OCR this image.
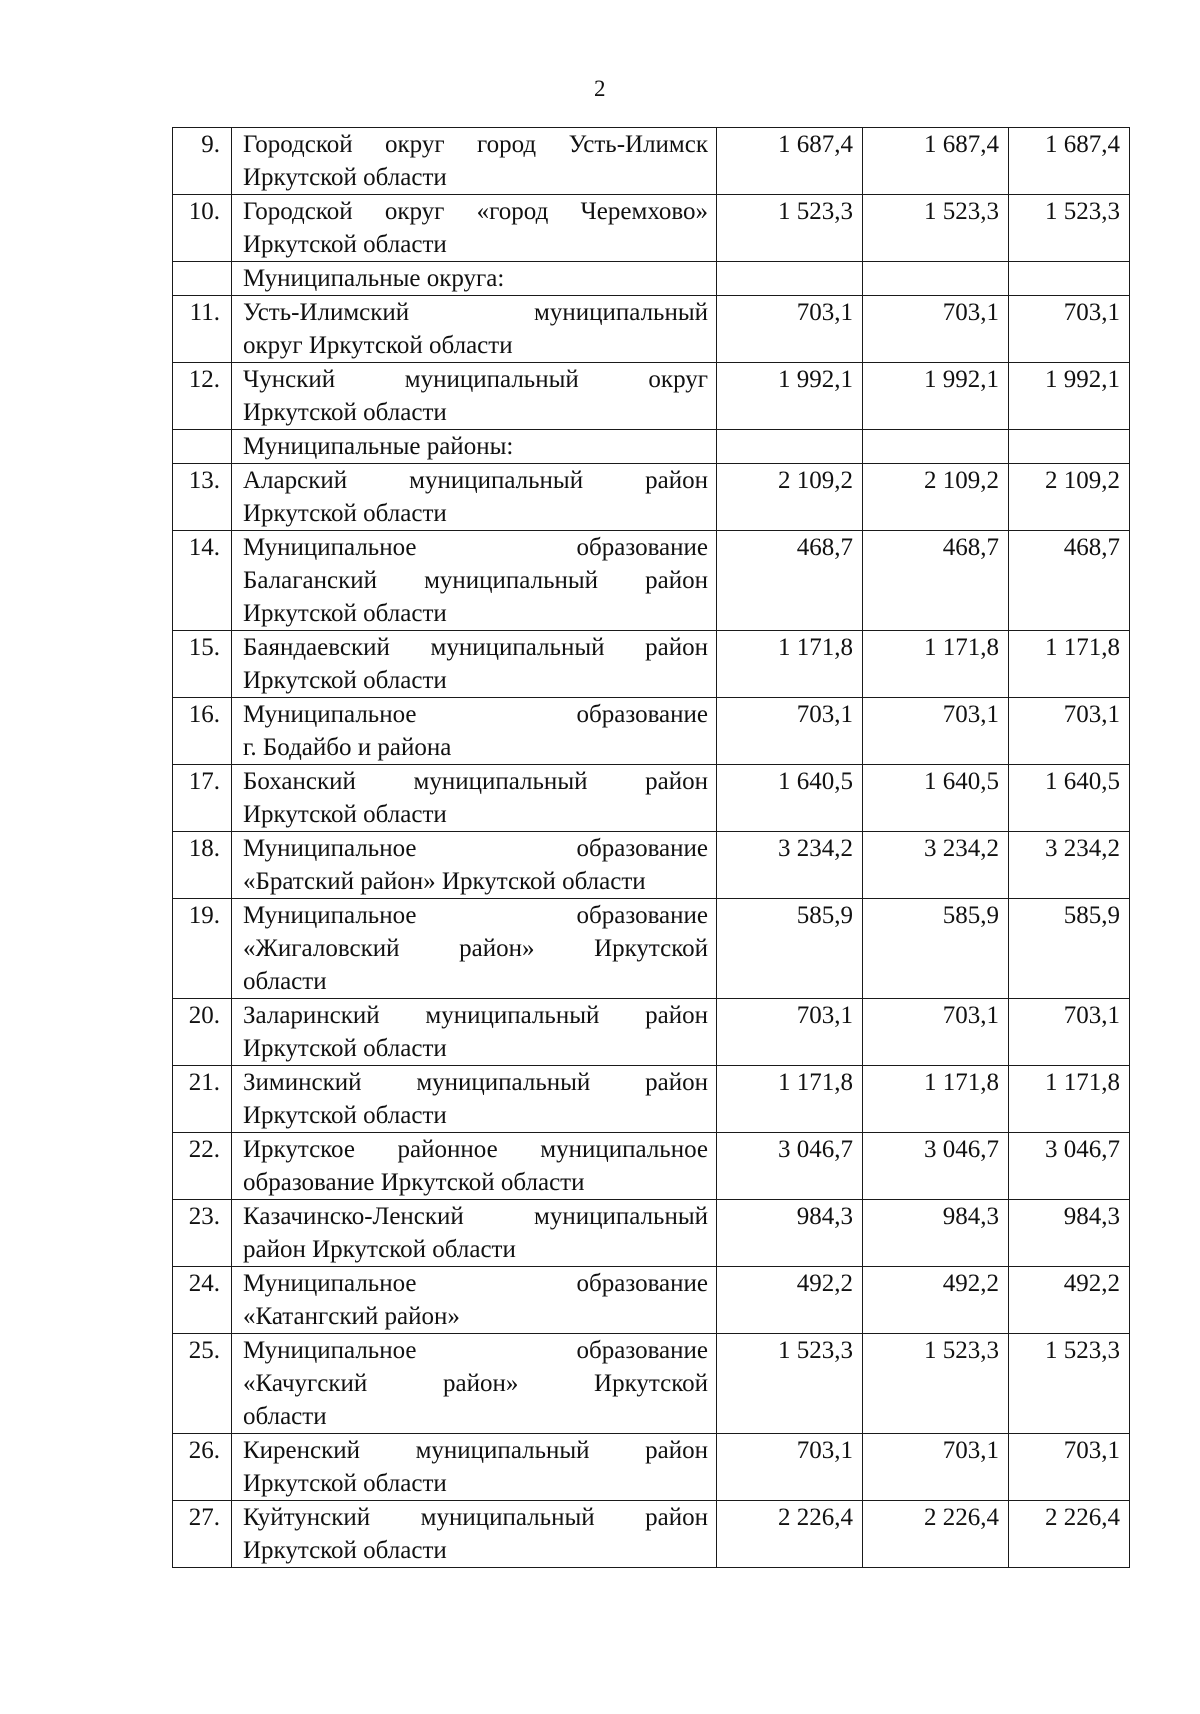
2
9.	Городской округ город Усть-Илимск
Иркутской области	1 687,4	1 687,4	1 687,4
10.	Городской округ «город Черемхово»
Иркутской области	1 523,3	1 523,3	1 523,3

	Муниципальные округа:			

11.	Усть-Илимский муниципальный
округ Иркутской области	703,1	703,1	703,1
12.	Чунский муниципальный округ
Иркутской области	1 992,1	1 992,1	1 992,1

	Муниципальные районы:			

13.	Аларский муниципальный район
Иркутской области	2 109,2	2 109,2	2 109,2
14.	Муниципальное образование
Балаганский муниципальный район
Иркутской области	468,7	468,7	468,7
15.	Баяндаевский муниципальный район
Иркутской области	1 171,8	1 171,8	1 171,8
16.	Муниципальное образование
г. Бодайбо и района	703,1	703,1	703,1
17.	Боханский муниципальный район
Иркутской области	1 640,5	1 640,5	1 640,5
18.	Муниципальное образование
«Братский район» Иркутской области	3 234,2	3 234,2	3 234,2
19.	Муниципальное образование
«Жигаловский район» Иркутской
области	585,9	585,9	585,9
20.	Заларинский муниципальный район
Иркутской области	703,1	703,1	703,1
21.	Зиминский муниципальный район
Иркутской области	1 171,8	1 171,8	1 171,8
22.	Иркутское районное муниципальное
образование Иркутской области	3 046,7	3 046,7	3 046,7
23.	Казачинско-Ленский муниципальный
район Иркутской области	984,3	984,3	984,3
24.	Муниципальное образование
«Катангский район»	492,2	492,2	492,2
25.	Муниципальное образование
«Качугский район» Иркутской
области	1 523,3	1 523,3	1 523,3
26.	Киренский муниципальный район
Иркутской области	703,1	703,1	703,1
27.	Куйтунский муниципальный район
Иркутской области	2 226,4	2 226,4	2 226,4
